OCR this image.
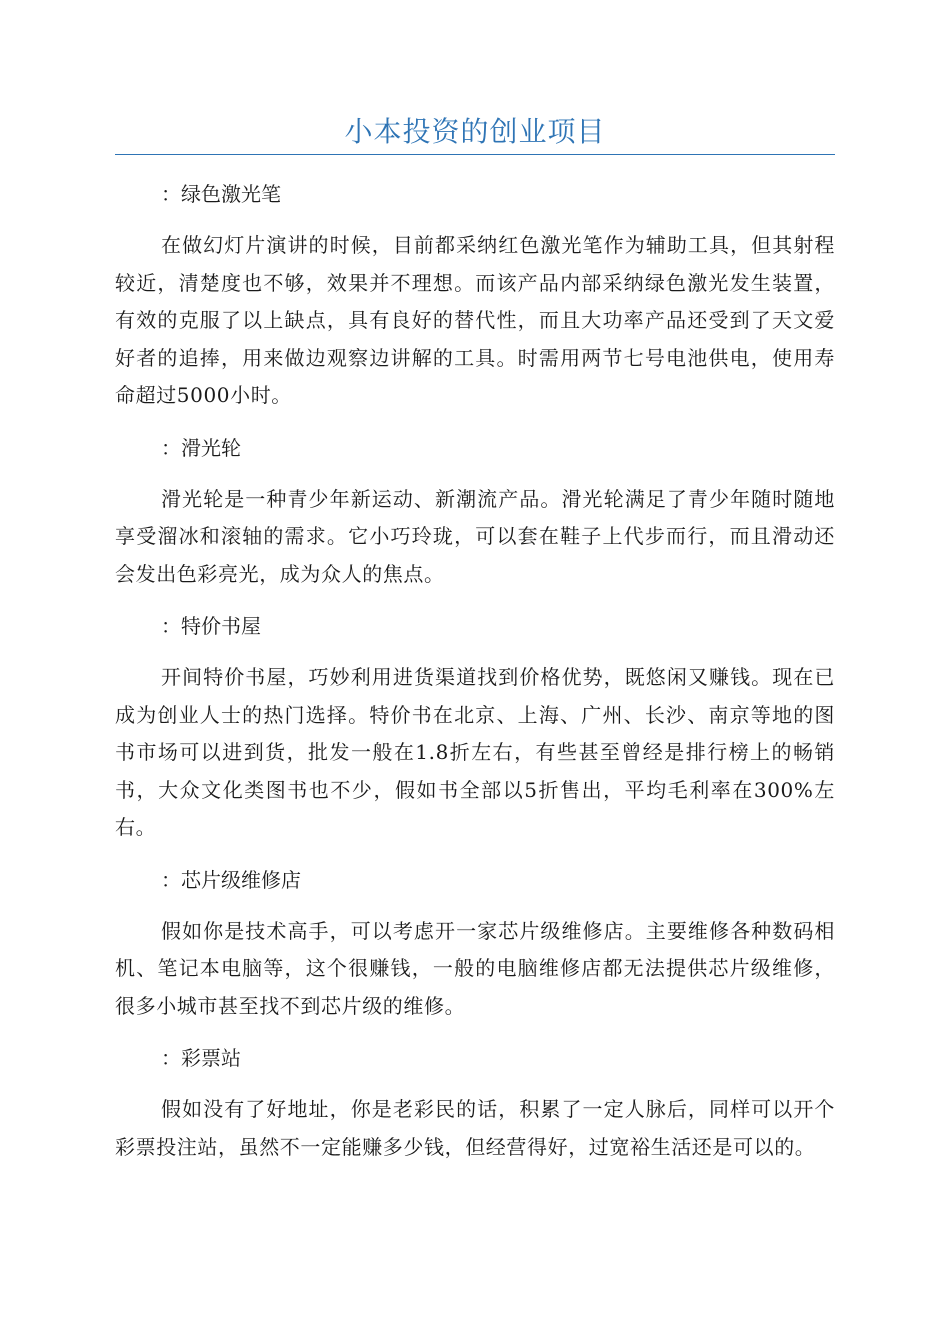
小本投资的创业项目

：绿色激光笔

在做幻灯片演讲的时候，目前都采纳红色激光笔作为辅助工具，但其射程较近，清楚度也不够，效果并不理想。而该产品内部采纳绿色激光发生装置，有效的克服了以上缺点，具有良好的替代性，而且大功率产品还受到了天文爱好者的追捧，用来做边观察边讲解的工具。时需用两节七号电池供电，使用寿命超过5000小时。

：滑光轮

滑光轮是一种青少年新运动、新潮流产品。滑光轮满足了青少年随时随地享受溜冰和滚轴的需求。它小巧玲珑，可以套在鞋子上代步而行，而且滑动还会发出色彩亮光，成为众人的焦点。

：特价书屋

开间特价书屋，巧妙利用进货渠道找到价格优势，既悠闲又赚钱。现在已成为创业人士的热门选择。特价书在北京、上海、广州、长沙、南京等地的图书市场可以进到货，批发一般在1.8折左右，有些甚至曾经是排行榜上的畅销书，大众文化类图书也不少，假如书全部以5折售出，平均毛利率在300%左右。

：芯片级维修店

假如你是技术高手，可以考虑开一家芯片级维修店。主要维修各种数码相机、笔记本电脑等，这个很赚钱，一般的电脑维修店都无法提供芯片级维修，很多小城市甚至找不到芯片级的维修。

：彩票站

假如没有了好地址，你是老彩民的话，积累了一定人脉后，同样可以开个彩票投注站，虽然不一定能赚多少钱，但经营得好，过宽裕生活还是可以的。
